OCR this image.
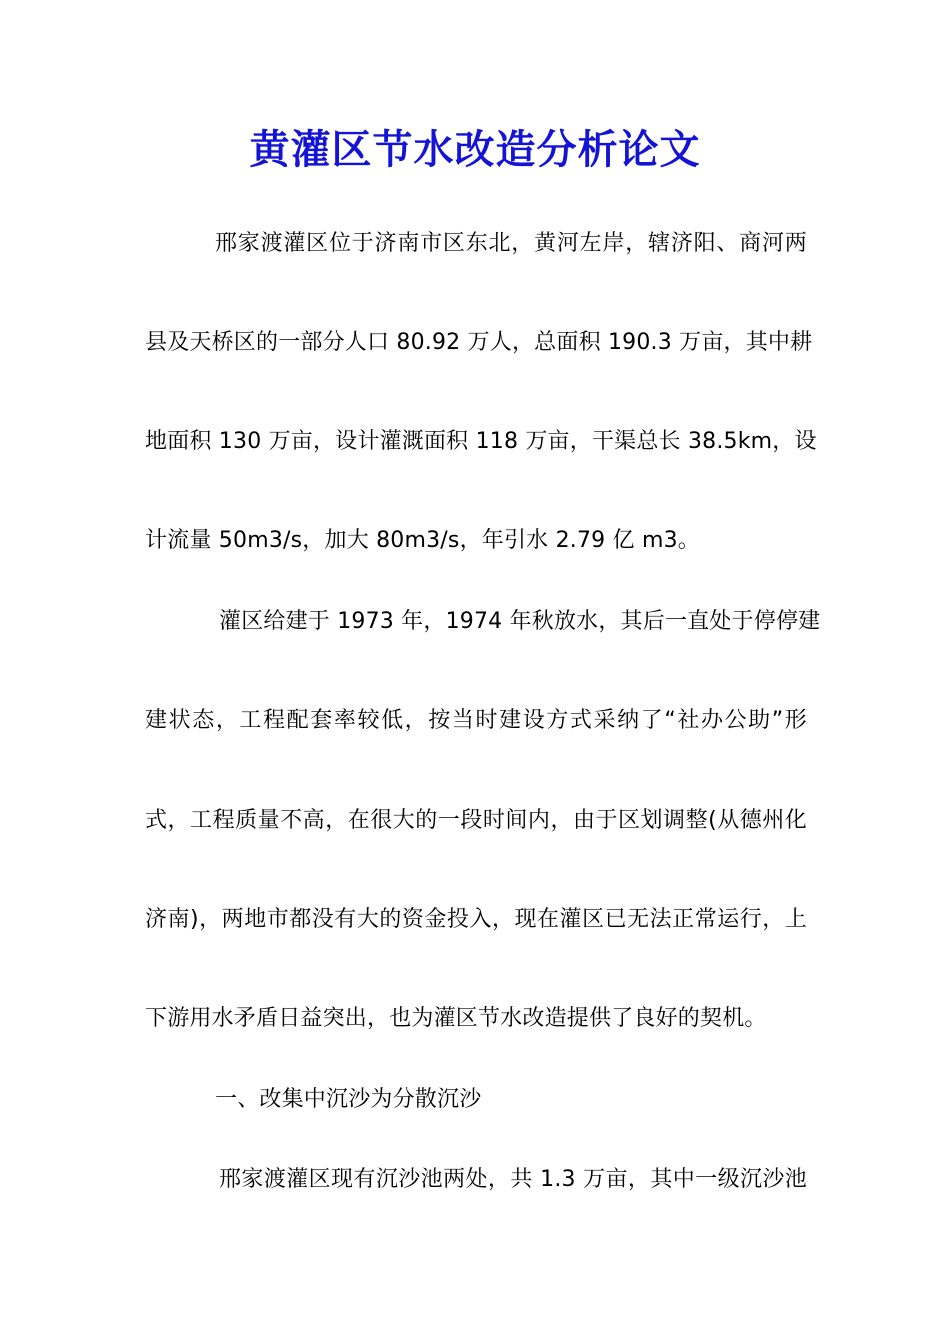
黄灌区节水改造分析论文
邢家渡灌区位于济南市区东北，黄河左岸，辖济阳、商河两
县及天桥区的一部分人口 80.92 万人，总面积 190.3 万亩，其中耕
地面积 130 万亩，设计灌溉面积 118 万亩，干渠总长 38.5km，设
计流量 50m3/s，加大 80m3/s，年引水 2.79 亿 m3。
灌区给建于 1973 年，1974 年秋放水，其后一直处于停停建
建状态，工程配套率较低，按当时建设方式采纳了“社办公助”形
式，工程质量不高，在很大的一段时间内，由于区划调整(从德州化
济南)，两地市都没有大的资金投入，现在灌区已无法正常运行，上
下游用水矛盾日益突出，也为灌区节水改造提供了良好的契机。
一、改集中沉沙为分散沉沙
邢家渡灌区现有沉沙池两处，共 1.3 万亩，其中一级沉沙池
